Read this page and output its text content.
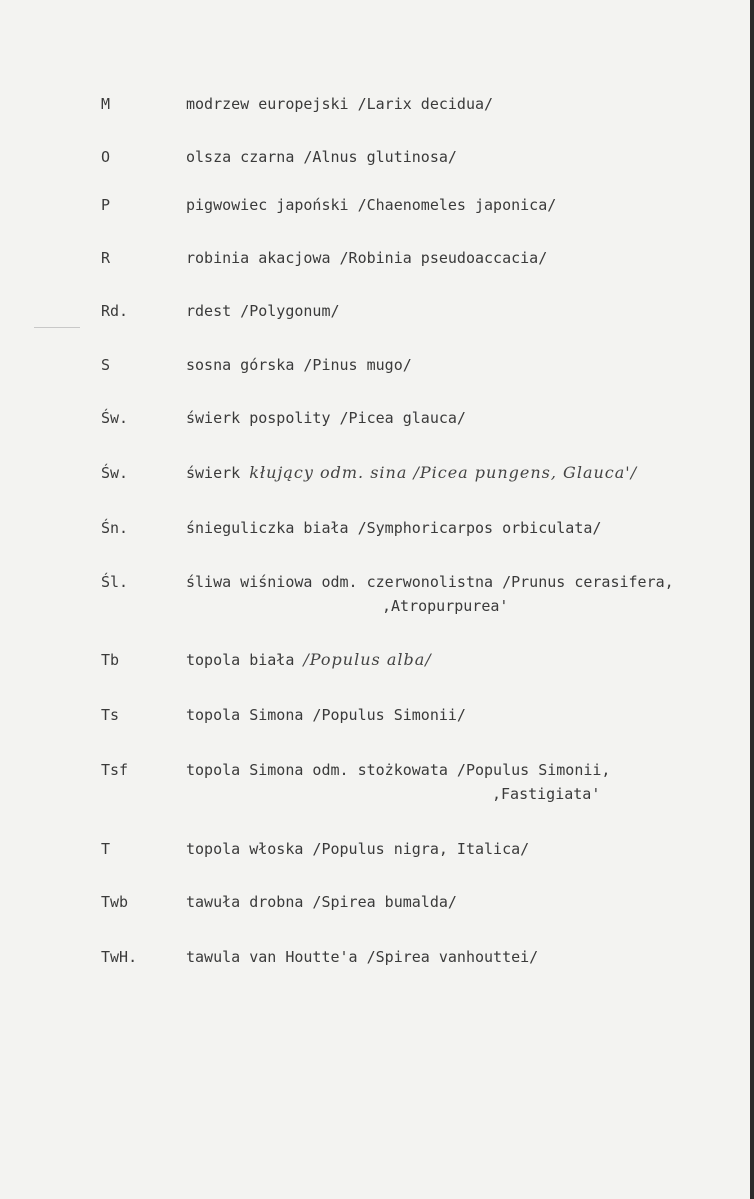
M	modrzew europejski /Larix decidua/
O	olsza czarna /Alnus glutinosa/
P	pigwowiec japoński /Chaenomeles japonica/
R	robinia akacjowa /Robinia pseudoaccacia/
Rd.	rdest /Polygonum/
S	sosna górska /Pinus mugo/
Św.	świerk pospolity /Picea glauca/
Św.	świerk kłujący odm. sina /Picea pungens, Glauca'/
Śn.	śnieguliczka biała /Symphoricarpos orbiculata/
Śl.	śliwa wiśniowa odm. czerwonolistna /Prunus cerasifera,
,Atropurpurea'
Tb	topola biała /Populus alba/
Ts	topola Simona /Populus Simonii/
Tsf	topola Simona odm. stożkowata /Populus Simonii,
,Fastigiata'
T	topola włoska /Populus nigra, Italica/
Twb	tawuła drobna /Spirea bumalda/
TwH.	tawula van Houtte'a /Spirea vanhouttei/
